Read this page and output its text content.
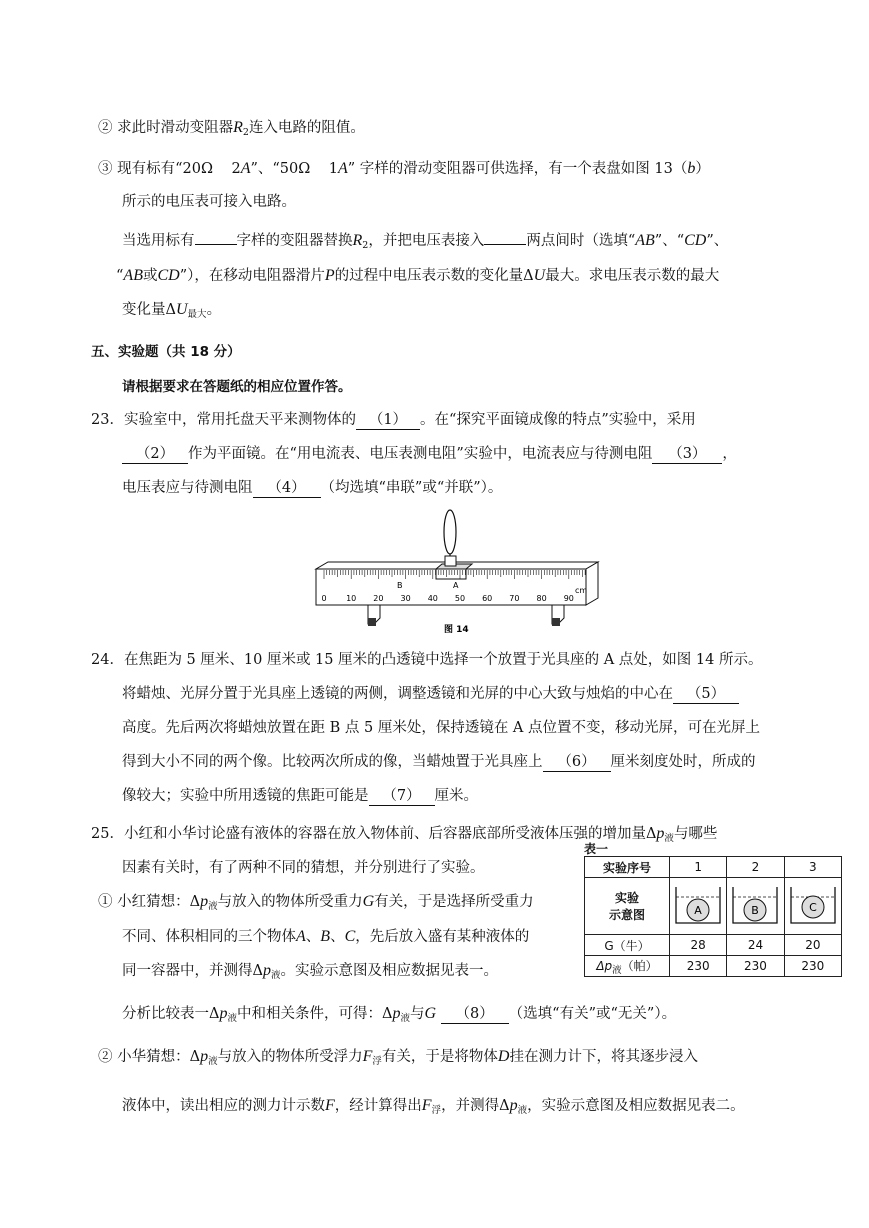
② 求此时滑动变阻器$R_2$连入电路的阻值。
③ 现有标有“20Ω 2A”、“50Ω 1A” 字样的滑动变阻器可供选择，有一个表盘如图 13（b）
所示的电压表可接入电路。
当选用标有	字样的变阻器替换$R_2$，并把电压表接入	两点间时（选填“AB”、“CD”、
“AB或CD”），在移动电阻器滑片P的过程中电压表示数的变化量ΔU最大。求电压表示数的最大
变化量$\Delta U_{最大}$。
五、实验题（共 18 分）
请根据要求在答题纸的相应位置作答。
23．实验室中，常用托盘天平来测物体的 （1） 。在“探究平面镜成像的特点”实验中，采用
（2） 作为平面镜。在“用电流表、电压表测电阻”实验中，电流表应与待测电阻 （3） ，
电压表应与待测电阻 （4） （均选填“串联”或“并联”）。
0 10 20 30 40 50 60 70 80 90
B	A
cm
图 14
24．在焦距为 5 厘米、10 厘米或 15 厘米的凸透镜中选择一个放置于光具座的 A 点处，如图 14 所示。
将蜡烛、光屏分置于光具座上透镜的两侧，调整透镜和光屏的中心大致与烛焰的中心在 （5）
高度。先后两次将蜡烛放置在距 B 点 5 厘米处，保持透镜在 A 点位置不变，移动光屏，可在光屏上
得到大小不同的两个像。比较两次所成的像，当蜡烛置于光具座上 （6） 厘米刻度处时，所成的
像较大；实验中所用透镜的焦距可能是 （7） 厘米。
25．小红和小华讨论盛有液体的容器在放入物体前、后容器底部所受液体压强的增加量$\Delta p_液$与哪些
因素有关时，有了两种不同的猜想，并分别进行了实验。
① 小红猜想：$\Delta p_液$与放入的物体所受重力G有关，于是选择所受重力
不同、体积相同的三个物体A、B、C，先后放入盛有某种液体的
同一容器中，并测得$\Delta p_液$。实验示意图及相应数据见表一。
表一
实验序号	1	2	3

实验
示意图	A	B	C

G（牛）	28	24	20
$\Delta p_液$（帕）	230	230	230
分析比较表一$\Delta p_液$中和相关条件，可得：$\Delta p_液$与G （8） （选填“有关”或“无关”）。
② 小华猜想：$\Delta p_液$与放入的物体所受浮力$F_浮$有关，于是将物体D挂在测力计下，将其逐步浸入
液体中，读出相应的测力计示数F，经计算得出$F_浮$，并测得$\Delta p_液$，实验示意图及相应数据见表二。
